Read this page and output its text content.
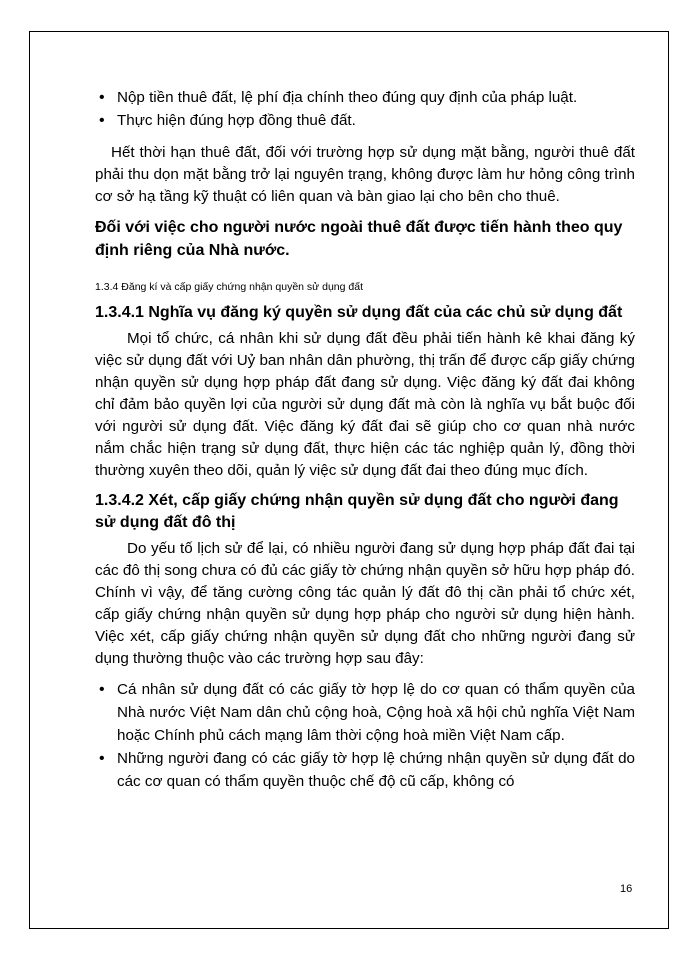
• Nộp tiền thuê đất, lệ phí địa chính theo đúng quy định của pháp luật.
• Thực hiện đúng hợp đồng thuê đất.

Hết thời hạn thuê đất, đối với trường hợp sử dụng mặt bằng, người thuê đất phải thu dọn mặt bằng trở lại nguyên trạng, không được làm hư hỏng công trình cơ sở hạ tầng kỹ thuật có liên quan và bàn giao lại cho bên cho thuê.

Đối với việc cho người nước ngoài thuê đất được tiến hành theo quy định riêng của Nhà nước.

1.3.4 Đăng kí và cấp giấy chứng nhận quyền sử dụng đất
1.3.4.1 Nghĩa vụ đăng ký quyền sử dụng đất của các chủ sử dụng đất

Mọi tổ chức, cá nhân khi sử dụng đất đều phải tiến hành kê khai đăng ký việc sử dụng đất với Uỷ ban nhân dân phường, thị trấn để được cấp giấy chứng nhận quyền sử dụng hợp pháp đất đang sử dụng. Việc đăng ký đất đai không chỉ đảm bảo quyền lợi của người sử dụng đất mà còn là nghĩa vụ bắt buộc đối với người sử dụng đất. Việc đăng ký đất đai sẽ giúp cho cơ quan nhà nước nắm chắc hiện trạng sử dụng đất, thực hiện các tác nghiệp quản lý, đồng thời thường xuyên theo dõi, quản lý việc sử dụng đất đai theo đúng mục đích.

1.3.4.2 Xét, cấp giấy chứng nhận quyền sử dụng đất cho người đang sử dụng đất đô thị

Do yếu tố lịch sử để lại, có nhiều người đang sử dụng hợp pháp đất đai tại các đô thị song chưa có đủ các giấy tờ chứng nhận quyền sở hữu hợp pháp đó. Chính vì vậy, để tăng cường công tác quản lý đất đô thị cần phải tổ chức xét, cấp giấy chứng nhận quyền sử dụng hợp pháp cho người sử dụng hiện hành. Việc xét, cấp giấy chứng nhận quyền sử dụng đất cho những người đang sử dụng thường thuộc vào các trường hợp sau đây:

• Cá nhân sử dụng đất có các giấy tờ hợp lệ do cơ quan có thẩm quyền của Nhà nước Việt Nam dân chủ cộng hoà, Cộng hoà xã hội chủ nghĩa Việt Nam hoặc Chính phủ cách mạng lâm thời cộng hoà miền Việt Nam cấp.
• Những người đang có các giấy tờ hợp lệ chứng nhận quyền sử dụng đất do các cơ quan có thẩm quyền thuộc chế độ cũ cấp, không có
16
